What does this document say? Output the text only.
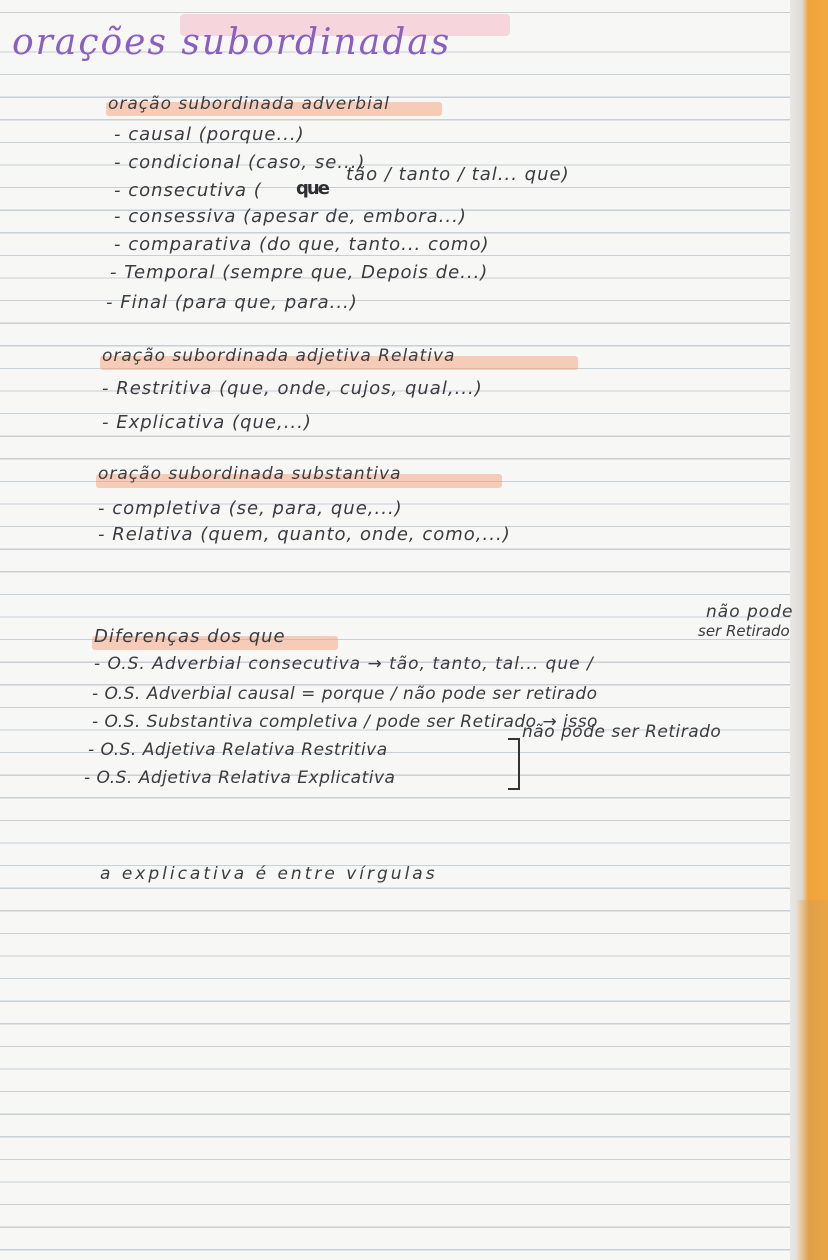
orações subordinadas
oração subordinada adverbial
- causal (porque...)
- condicional (caso, se...)
- consecutiva ( que
tão / tanto / tal... que)
- consessiva (apesar de, embora...)
- comparativa (do que, tanto... como)
- Temporal (sempre que, Depois de...)
- Final (para que, para...)
oração subordinada adjetiva Relativa
- Restritiva (que, onde, cujos, qual,...)
- Explicativa (que,...)
oração subordinada substantiva
- completiva (se, para, que,...)
- Relativa (quem, quanto, onde, como,...)
Diferenças dos que
não pode
ser Retirado
- O.S. Adverbial consecutiva → tão, tanto, tal... que /
- O.S. Adverbial causal = porque / não pode ser retirado
- O.S. Substantiva completiva / pode ser Retirado → isso
- O.S. Adjetiva Relativa Restritiva
- O.S. Adjetiva Relativa Explicativa
não pode ser Retirado
a explicativa é entre vírgulas
